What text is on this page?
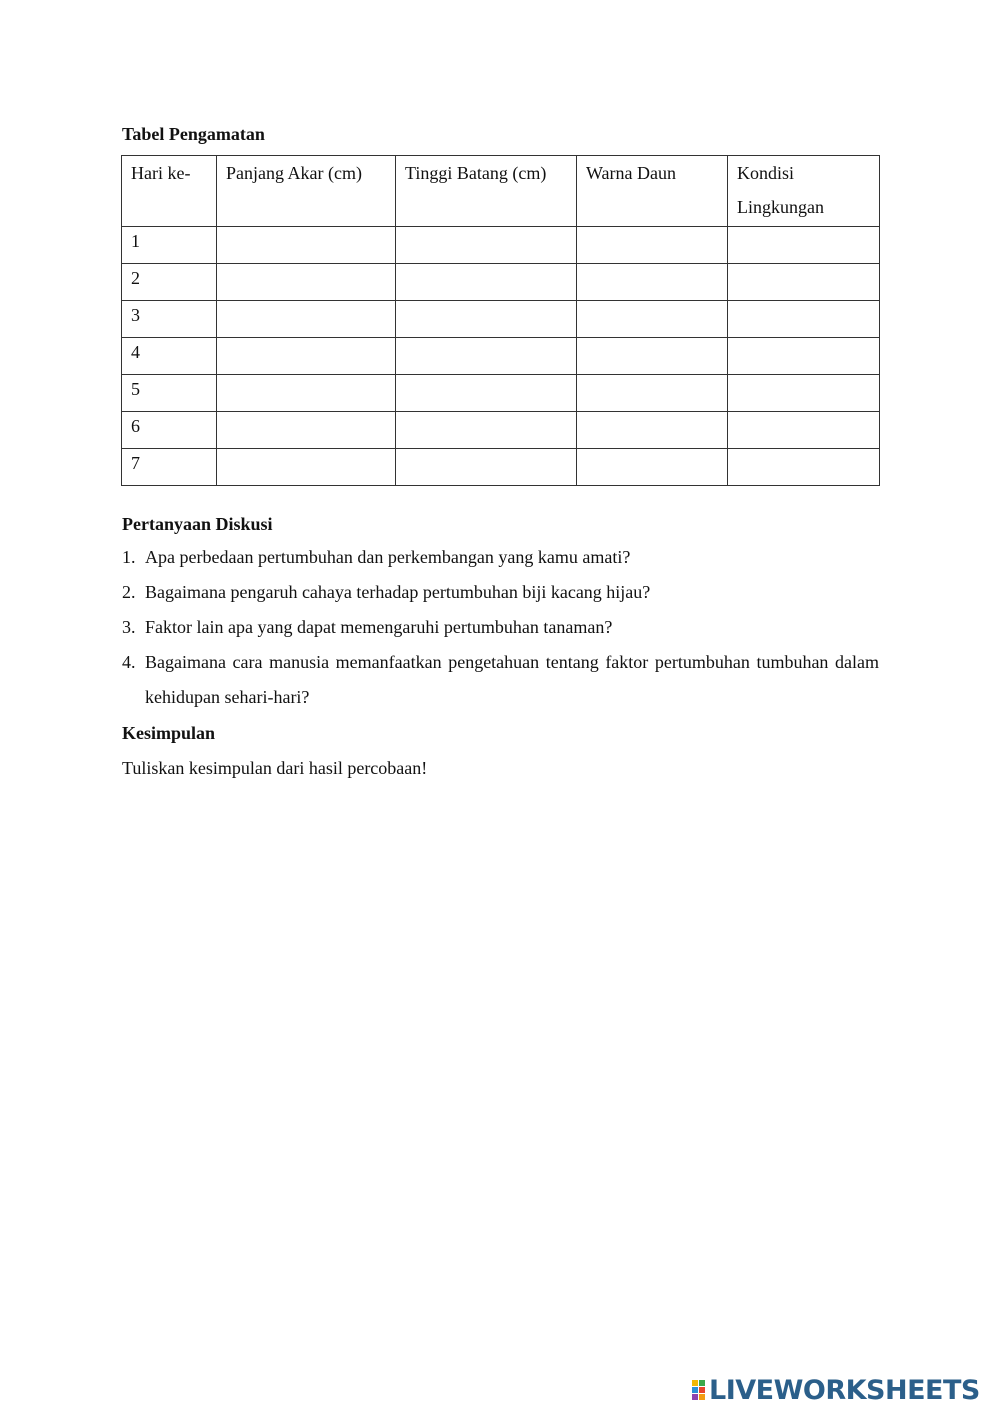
Tabel Pengamatan
Hari ke-	Panjang Akar (cm)	Tinggi Batang (cm)	Warna Daun	Kondisi Lingkungan
1				
2				
3				
4				
5				
6				
7				
Pertanyaan Diskusi
1. Apa perbedaan pertumbuhan dan perkembangan yang kamu amati?
2. Bagaimana pengaruh cahaya terhadap pertumbuhan biji kacang hijau?
3. Faktor lain apa yang dapat memengaruhi pertumbuhan tanaman?
4. Bagaimana cara manusia memanfaatkan pengetahuan tentang faktor pertumbuhan tumbuhan dalam kehidupan sehari-hari?
Kesimpulan
Tuliskan kesimpulan dari hasil percobaan!
LIVEWORKSHEETS
